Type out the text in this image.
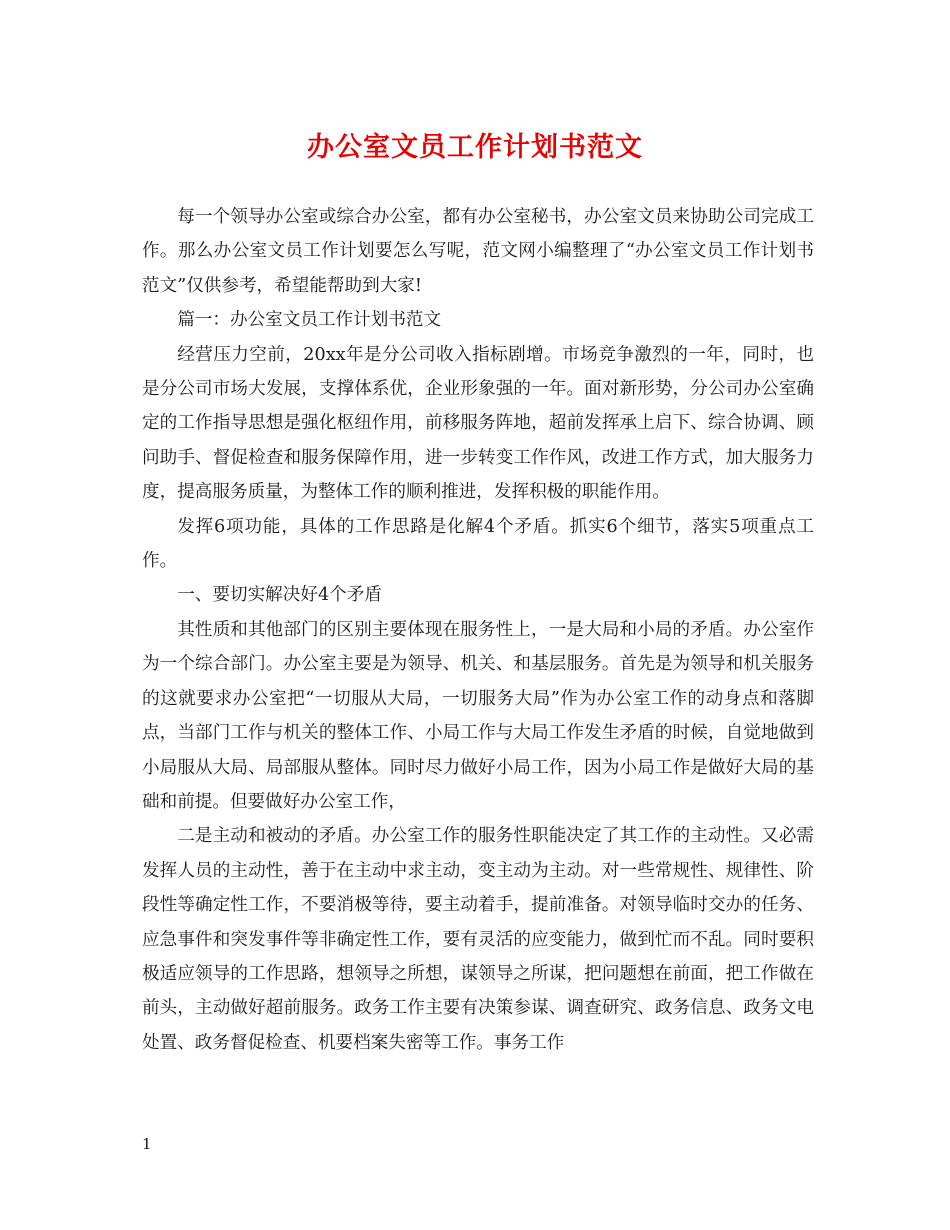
办公室文员工作计划书范文

每一个领导办公室或综合办公室，都有办公室秘书，办公室文员来协助公司完成工作。那么办公室文员工作计划要怎么写呢，范文网小编整理了“办公室文员工作计划书范文”仅供参考，希望能帮助到大家!

篇一：办公室文员工作计划书范文

经营压力空前，20xx年是分公司收入指标剧增。市场竞争激烈的一年，同时，也是分公司市场大发展，支撑体系优，企业形象强的一年。面对新形势，分公司办公室确定的工作指导思想是强化枢纽作用，前移服务阵地，超前发挥承上启下、综合协调、顾问助手、督促检查和服务保障作用，进一步转变工作作风，改进工作方式，加大服务力度，提高服务质量，为整体工作的顺利推进，发挥积极的职能作用。

发挥6项功能，具体的工作思路是化解4个矛盾。抓实6个细节，落实5项重点工作。

一、要切实解决好4个矛盾

其性质和其他部门的区别主要体现在服务性上，一是大局和小局的矛盾。办公室作为一个综合部门。办公室主要是为领导、机关、和基层服务。首先是为领导和机关服务的这就要求办公室把“一切服从大局，一切服务大局”作为办公室工作的动身点和落脚点，当部门工作与机关的整体工作、小局工作与大局工作发生矛盾的时候，自觉地做到小局服从大局、局部服从整体。同时尽力做好小局工作，因为小局工作是做好大局的基础和前提。但要做好办公室工作，

二是主动和被动的矛盾。办公室工作的服务性职能决定了其工作的主动性。又必需发挥人员的主动性，善于在主动中求主动，变主动为主动。对一些常规性、规律性、阶段性等确定性工作，不要消极等待，要主动着手，提前准备。对领导临时交办的任务、应急事件和突发事件等非确定性工作，要有灵活的应变能力，做到忙而不乱。同时要积极适应领导的工作思路，想领导之所想，谋领导之所谋，把问题想在前面，把工作做在前头，主动做好超前服务。政务工作主要有决策参谋、调查研究、政务信息、政务文电处置、政务督促检查、机要档案失密等工作。事务工作

1
